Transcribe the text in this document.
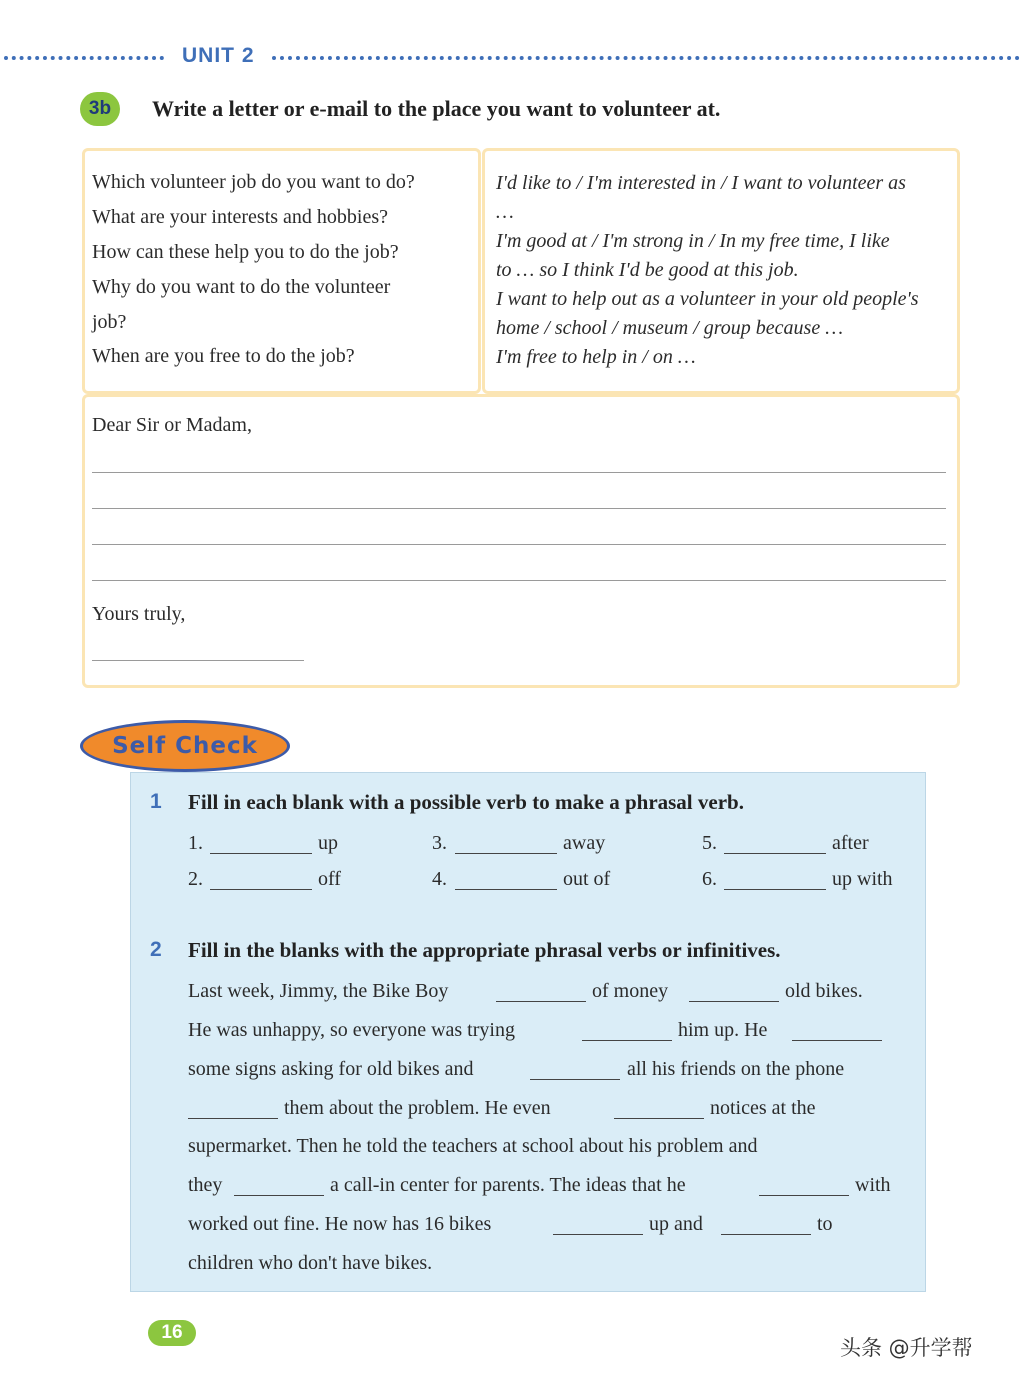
UNIT 2
3b	Write a letter or e-mail to the place you want to volunteer at.
Which volunteer job do you want to do?
What are your interests and hobbies?
How can these help you to do the job?
Why do you want to do the volunteer
job?
When are you free to do the job?
I'd like to / I'm interested in / I want to volunteer as
…
I'm good at / I'm strong in / In my free time, I like
to … so I think I'd be good at this job.
I want to help out as a volunteer in your old people's
home / school / museum / group because …
I'm free to help in / on …
Dear Sir or Madam,
Yours truly,
Self Check
1 Fill in each blank with a possible verb to make a phrasal verb.
1.	up
2.	off
3.	away
4.	out of
5.	after
6.	up with
2 Fill in the blanks with the appropriate phrasal verbs or infinitives.
Last week, Jimmy, the Bike Boy	of money	old bikes.
He was unhappy, so everyone was trying	him up. He
some signs asking for old bikes and	all his friends on the phone
them about the problem. He even	notices at the
supermarket. Then he told the teachers at school about his problem and
they	a call-in center for parents. The ideas that he	with
worked out fine. He now has 16 bikes	up and	to
children who don't have bikes.
16
头条 @升学帮
